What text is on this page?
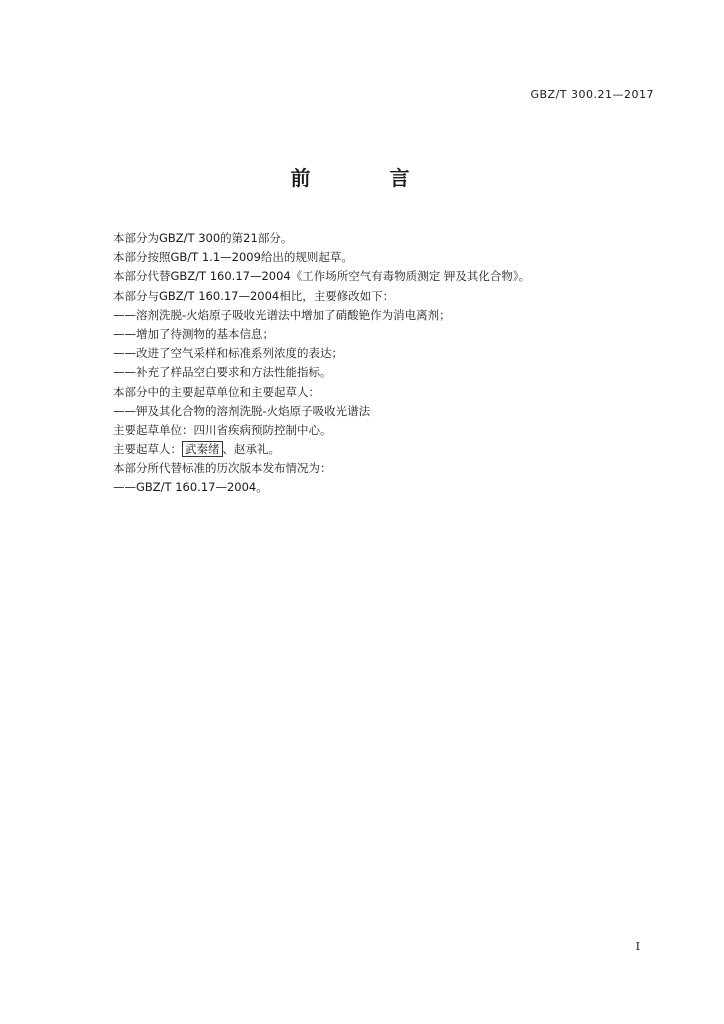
GBZ/T 300.21—2017
前 言
本部分为GBZ/T 300的第21部分。
本部分按照GB/T 1.1—2009给出的规则起草。
本部分代替GBZ/T 160.17—2004《工作场所空气有毒物质测定 钾及其化合物》。
本部分与GBZ/T 160.17—2004相比，主要修改如下：
——溶剂洗脱-火焰原子吸收光谱法中增加了硝酸铯作为消电离剂；
——增加了待测物的基本信息；
——改进了空气采样和标准系列浓度的表达；
——补充了样品空白要求和方法性能指标。
本部分中的主要起草单位和主要起草人：
——钾及其化合物的溶剂洗脱-火焰原子吸收光谱法
主要起草单位：四川省疾病预防控制中心。
主要起草人： 武秦绪 、赵承礼。
本部分所代替标准的历次版本发布情况为：
——GBZ/T 160.17—2004。
I
